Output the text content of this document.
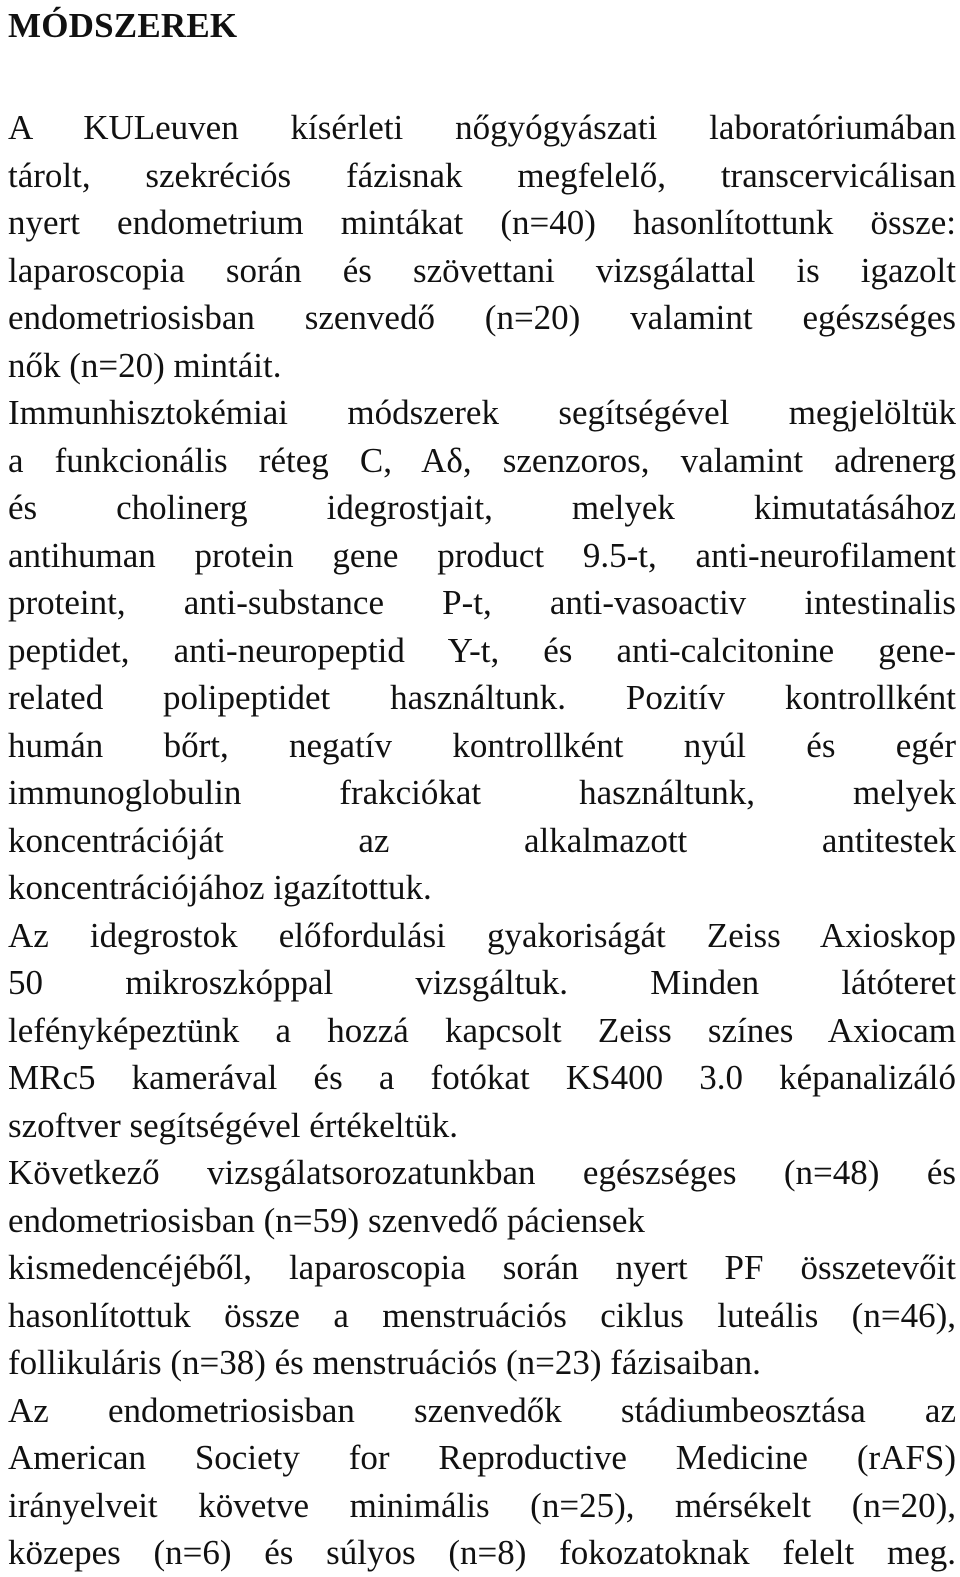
MÓDSZEREK

A KULeuven kísérleti nőgyógyászati laboratóriumában
tárolt, szekréciós fázisnak megfelelő, transcervicálisan
nyert endometrium mintákat (n=40) hasonlítottunk össze:
laparoscopia során és szövettani vizsgálattal is igazolt
endometriosisban szenvedő (n=20) valamint egészséges
nők (n=20) mintáit.

Immunhisztokémiai módszerek segítségével megjelöltük
a funkcionális réteg C, Aδ, szenzoros, valamint adrenerg
és cholinerg idegrostjait, melyek kimutatásához
antihuman protein gene product 9.5-t, anti-neurofilament
proteint, anti-substance P-t, anti-vasoactiv intestinalis
peptidet, anti-neuropeptid Y-t, és anti-calcitonine gene-
related polipeptidet használtunk. Pozitív kontrollként
humán bőrt, negatív kontrollként nyúl és egér
immunoglobulin frakciókat használtunk, melyek
koncentrációját az alkalmazott antitestek
koncentrációjához igazítottuk.

Az idegrostok előfordulási gyakoriságát Zeiss Axioskop
50 mikroszkóppal vizsgáltuk. Minden látóteret
lefényképeztünk a hozzá kapcsolt Zeiss színes Axiocam
MRc5 kamerával és a fotókat KS400 3.0 képanalizáló
szoftver segítségével értékeltük.

Következő vizsgálatsorozatunkban egészséges (n=48) és
endometriosisban (n=59) szenvedő páciensek
kismedencéjéből, laparoscopia során nyert PF összetevőit
hasonlítottuk össze a menstruációs ciklus luteális (n=46),
follikuláris (n=38) és menstruációs (n=23) fázisaiban.

Az endometriosisban szenvedők stádiumbeosztása az
American Society for Reproductive Medicine (rAFS)
irányelveit követve minimális (n=25), mérsékelt (n=20),
közepes (n=6) és súlyos (n=8) fokozatoknak felelt meg.
